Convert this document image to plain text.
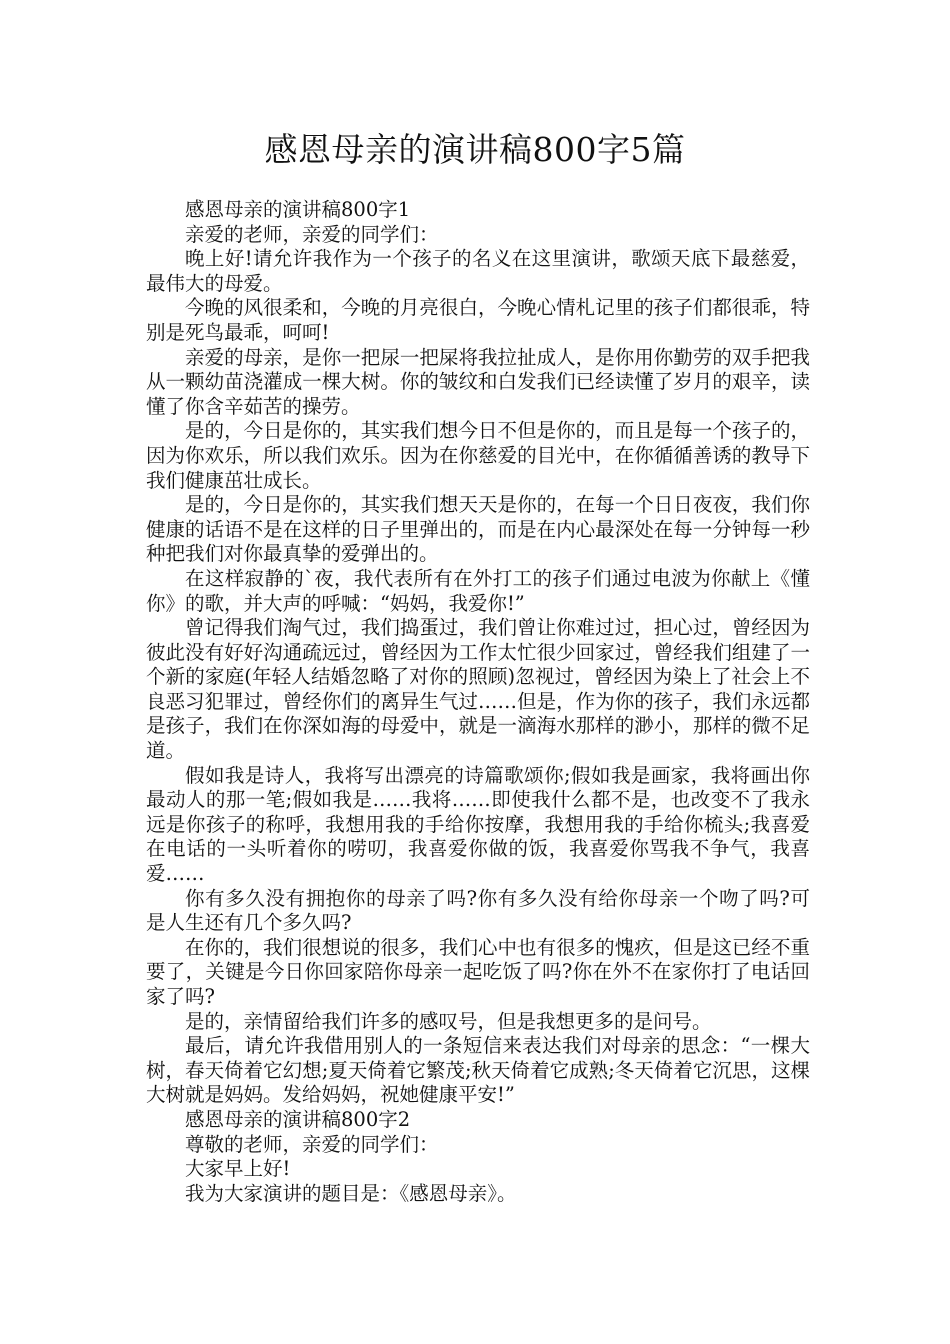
感恩母亲的演讲稿800字5篇

感恩母亲的演讲稿800字1

亲爱的老师，亲爱的同学们：

晚上好!请允许我作为一个孩子的名义在这里演讲，歌颂天底下最慈爱，最伟大的母爱。

今晚的风很柔和，今晚的月亮很白，今晚心情札记里的孩子们都很乖，特别是死鸟最乖，呵呵!

亲爱的母亲，是你一把尿一把屎将我拉扯成人，是你用你勤劳的双手把我从一颗幼苗浇灌成一棵大树。你的皱纹和白发我们已经读懂了岁月的艰辛，读懂了你含辛茹苦的操劳。

是的，今日是你的，其实我们想今日不但是你的，而且是每一个孩子的，因为你欢乐，所以我们欢乐。因为在你慈爱的目光中，在你循循善诱的教导下我们健康茁壮成长。

是的，今日是你的，其实我们想天天是你的，在每一个日日夜夜，我们你健康的话语不是在这样的日子里弹出的，而是在内心最深处在每一分钟每一秒种把我们对你最真挚的爱弹出的。

在这样寂静的`夜，我代表所有在外打工的孩子们通过电波为你献上《懂你》的歌，并大声的呼喊：“妈妈，我爱你!”

曾记得我们淘气过，我们捣蛋过，我们曾让你难过过，担心过，曾经因为彼此没有好好沟通疏远过，曾经因为工作太忙很少回家过，曾经我们组建了一个新的家庭(年轻人结婚忽略了对你的照顾)忽视过，曾经因为染上了社会上不良恶习犯罪过，曾经你们的离异生气过……但是，作为你的孩子，我们永远都是孩子，我们在你深如海的母爱中，就是一滴海水那样的渺小，那样的微不足道。

假如我是诗人，我将写出漂亮的诗篇歌颂你;假如我是画家，我将画出你最动人的那一笔;假如我是……我将……即使我什么都不是，也改变不了我永远是你孩子的称呼，我想用我的手给你按摩，我想用我的手给你梳头;我喜爱在电话的一头听着你的唠叨，我喜爱你做的饭，我喜爱你骂我不争气，我喜爱……

你有多久没有拥抱你的母亲了吗?你有多久没有给你母亲一个吻了吗?可是人生还有几个多久吗?

在你的，我们很想说的很多，我们心中也有很多的愧疚，但是这已经不重要了，关键是今日你回家陪你母亲一起吃饭了吗?你在外不在家你打了电话回家了吗?

是的，亲情留给我们许多的感叹号，但是我想更多的是问号。

最后，请允许我借用别人的一条短信来表达我们对母亲的思念：“一棵大树，春天倚着它幻想;夏天倚着它繁茂;秋天倚着它成熟;冬天倚着它沉思，这棵大树就是妈妈。发给妈妈，祝她健康平安!”

感恩母亲的演讲稿800字2

尊敬的老师，亲爱的同学们：

大家早上好!

我为大家演讲的题目是：《感恩母亲》。
